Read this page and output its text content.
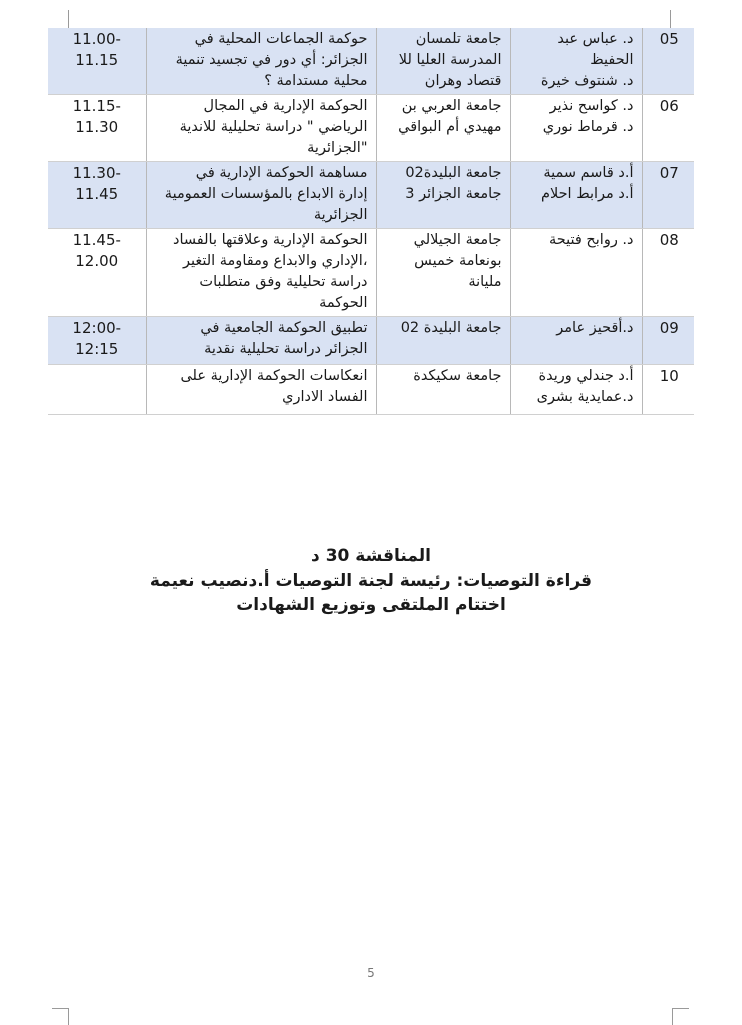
05	د. عباس عبد
الحفيظ
د. شنتوف خيرة	جامعة تلمسان
المدرسة العليا للا
قتصاد وهران	حوكمة الجماعات المحلية في
الجزائر: أي دور في تجسيد تنمية
محلية مستدامة ؟	11.00-
11.15

06	د. كواسح نذير
د. قرماط نوري	جامعة العربي بن
مهيدي أم البواقي	الحوكمة الإدارية في المجال
الرياضي " دراسة تحليلية للاندية
"الجزائرية	11.15-
11.30

07	أ.د قاسم سمية
أ.د مرابط احلام	جامعة البليدة02
جامعة الجزائر 3	مساهمة الحوكمة الإدارية في
إدارة الابداع بالمؤسسات العمومية
الجزائرية	11.30-
11.45

08	د. روابح فتيحة	جامعة الجيلالي
بونعامة خميس
مليانة	الحوكمة الإدارية وعلاقتها بالفساد
،الإداري والابداع ومقاومة التغير
دراسة تحليلية وفق متطلبات
الحوكمة	11.45-
12.00

09	د.أقحيز عامر	جامعة البليدة 02	تطبيق الحوكمة الجامعية في
الجزائر دراسة تحليلية نقدية	12:00-
12:15

10	أ.د جندلي وريدة
د.عمايدية بشرى	جامعة سكيكدة	انعكاسات الحوكمة الإدارية على
الفساد الاداري	

المناقشة 30 د
قراءة التوصيات: رئيسة لجنة التوصيات أ.دنصيب نعيمة
اختتام الملتقى وتوزيع الشهادات
5
